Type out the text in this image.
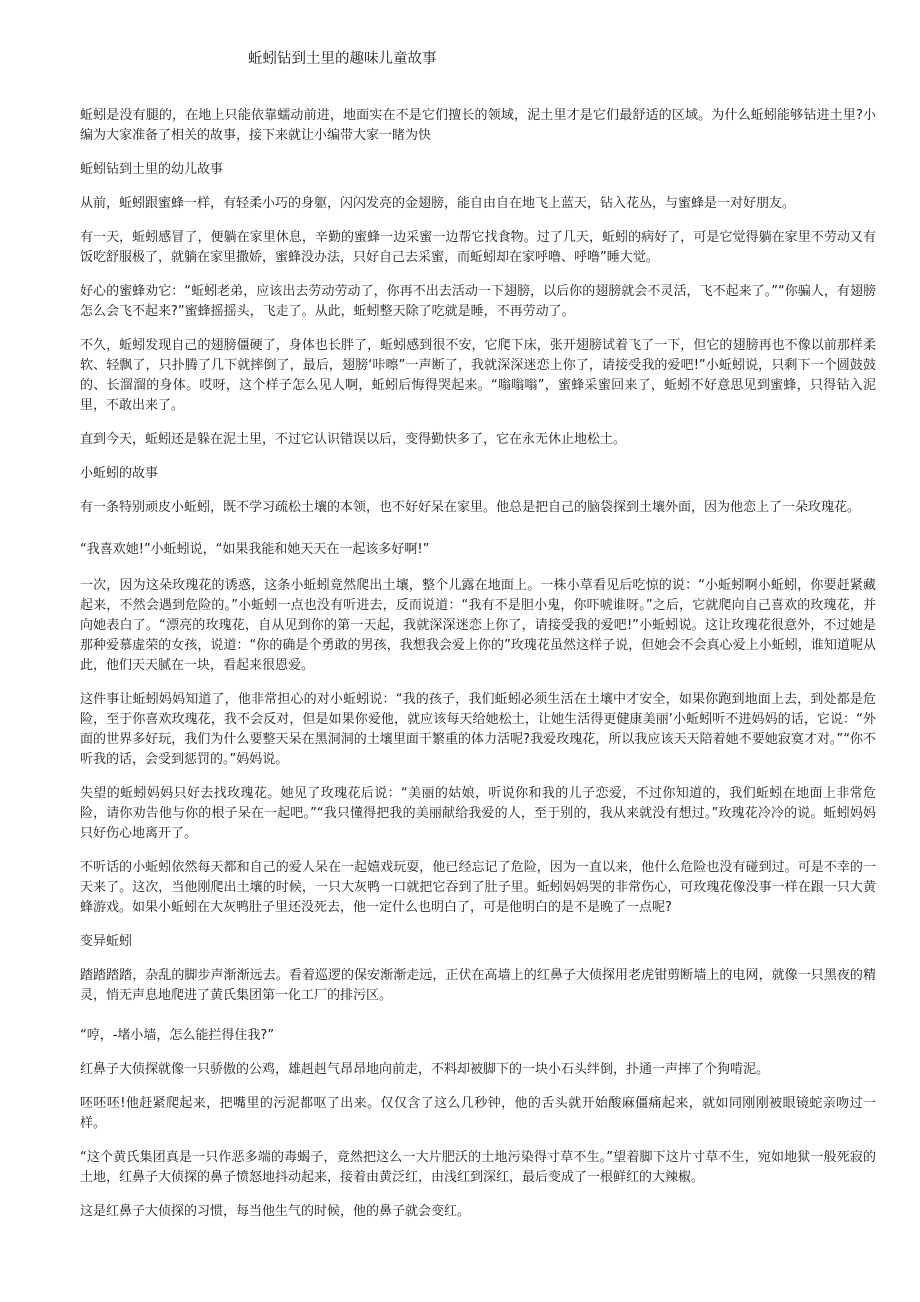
蚯蚓钻到土里的趣味儿童故事

蚯蚓是没有腿的，在地上只能依靠蠕动前进，地面实在不是它们擅长的领域，泥土里才是它们最舒适的区域。为什么蚯蚓能够钻进土里?小编为大家准备了相关的故事，接下来就让小编带大家一睹为快

蚯蚓钻到土里的幼儿故事

从前，蚯蚓跟蜜蜂一样，有轻柔小巧的身躯，闪闪发亮的金翅膀，能自由自在地飞上蓝天，钻入花丛，与蜜蜂是一对好朋友。

有一天，蚯蚓感冒了，便躺在家里休息，辛勤的蜜蜂一边采蜜一边帮它找食物。过了几天，蚯蚓的病好了，可是它觉得躺在家里不劳动又有饭吃舒服极了，就躺在家里撒娇，蜜蜂没办法，只好自己去采蜜，而蚯蚓却在家呼噜、呼噜”睡大觉。

好心的蜜蜂劝它：“蚯蚓老弟，应该出去劳动劳动了，你再不出去活动一下翅膀，以后你的翅膀就会不灵活，飞不起来了。”“你骗人，有翅膀怎么会飞不起来?”蜜蜂摇摇头，飞走了。从此，蚯蚓整天除了吃就是睡，不再劳动了。

不久，蚯蚓发现自己的翅膀僵硬了，身体也长胖了，蚯蚓感到很不安，它爬下床，张开翅膀试着飞了一下，但它的翅膀再也不像以前那样柔软、轻飘了，只扑腾了几下就摔倒了，最后，翅膀‘咔嚓”一声断了，我就深深迷恋上你了，请接受我的爱吧!”小蚯蚓说，只剩下一个圆鼓鼓的、长溜溜的身体。哎呀，这个样子怎么见人啊，蚯蚓后悔得哭起来。“嗡嗡嗡”，蜜蜂采蜜回来了，蚯蚓不好意思见到蜜蜂，只得钻入泥里，不敢出来了。

直到今天，蚯蚓还是躲在泥土里，不过它认识错误以后，变得勤快多了，它在永无休止地松土。

小蚯蚓的故事

有一条特别顽皮小蚯蚓，既不学习疏松土壤的本领，也不好好呆在家里。他总是把自己的脑袋探到土壤外面，因为他恋上了一朵玫瑰花。

“我喜欢她!”小蚯蚓说，“如果我能和她天天在一起该多好啊!”

一次，因为这朵玫瑰花的诱惑，这条小蚯蚓竟然爬出土壤，整个儿露在地面上。一株小草看见后吃惊的说：“小蚯蚓啊小蚯蚓，你要赶紧藏起来，不然会遇到危险的。”小蚯蚓一点也没有听进去，反而说道：“我有不是胆小鬼，你吓唬谁呀。”之后，它就爬向自己喜欢的玫瑰花，并向她表白了。“漂亮的玫瑰花，自从见到你的第一天起，我就深深迷恋上你了，请接受我的爱吧!”小蚯蚓说。这让玫瑰花很意外，不过她是那种爱慕虚荣的女孩，说道：“你的确是个勇敢的男孩，我想我会爱上你的”玫瑰花虽然这样子说，但她会不会真心爱上小蚯蚓，谁知道呢从此，他们天天腻在一块，看起来很恩爱。

这件事让蚯蚓妈妈知道了，他非常担心的对小蚯蚓说：“我的孩子，我们蚯蚓必须生活在土壤中才安全，如果你跑到地面上去，到处都是危险，至于你喜欢玫瑰花，我不会反对，但是如果你爱他，就应该每天给她松土，让她生活得更健康美丽’小蚯蚓听不进妈妈的话，它说：“外面的世界多好玩，我们为什么要整天呆在黑洞洞的土壤里面干繁重的体力活呢?我爱玫瑰花，所以我应该天天陪着她不要她寂寞才对。”“你不听我的话，会受到惩罚的。”妈妈说。

失望的蚯蚓妈妈只好去找玫瑰花。她见了玫瑰花后说：“美丽的姑娘，听说你和我的儿子恋爱，不过你知道的，我们蚯蚓在地面上非常危险，请你劝告他与你的根子呆在一起吧。”“我只懂得把我的美丽献给我爱的人，至于别的，我从来就没有想过。”玫瑰花冷冷的说。蚯蚓妈妈只好伤心地离开了。

不听话的小蚯蚓依然每天都和自己的爱人呆在一起嬉戏玩耍，他已经忘记了危险，因为一直以来，他什么危险也没有碰到过。可是不幸的一天来了。这次，当他刚爬出土壤的时候，一只大灰鸭一口就把它吞到了肚子里。蚯蚓妈妈哭的非常伤心，可玫瑰花像没事一样在跟一只大黄蜂游戏。如果小蚯蚓在大灰鸭肚子里还没死去，他一定什么也明白了，可是他明白的是不是晚了一点呢?

变异蚯蚓

踏踏踏踏，杂乱的脚步声渐渐远去。看着巡逻的保安渐渐走远，正伏在高墙上的红鼻子大侦探用老虎钳剪断墙上的电网，就像一只黑夜的精灵，悄无声息地爬进了黄氏集团第一化工厂的排污区。

“哼，-堵小墙，怎么能拦得住我?”

红鼻子大侦探就像一只骄傲的公鸡，雄赳赳气昂昂地向前走，不料却被脚下的一块小石头绊倒，扑通一声摔了个狗啃泥。

呸呸呸!他赶紧爬起来，把嘴里的污泥都呕了出来。仅仅含了这么几秒钟，他的舌头就开始酸麻僵痛起来，就如同刚刚被眼镜蛇亲吻过一样。

“这个黄氏集团真是一只作恶多端的毒蝎子，竟然把这么一大片肥沃的土地污染得寸草不生。”望着脚下这片寸草不生，宛如地狱一般死寂的土地，红鼻子大侦探的鼻子愤怒地抖动起来，接着由黄泛红，由浅红到深红，最后变成了一根鲜红的大辣椒。

这是红鼻子大侦探的习惯，每当他生气的时候，他的鼻子就会变红。
